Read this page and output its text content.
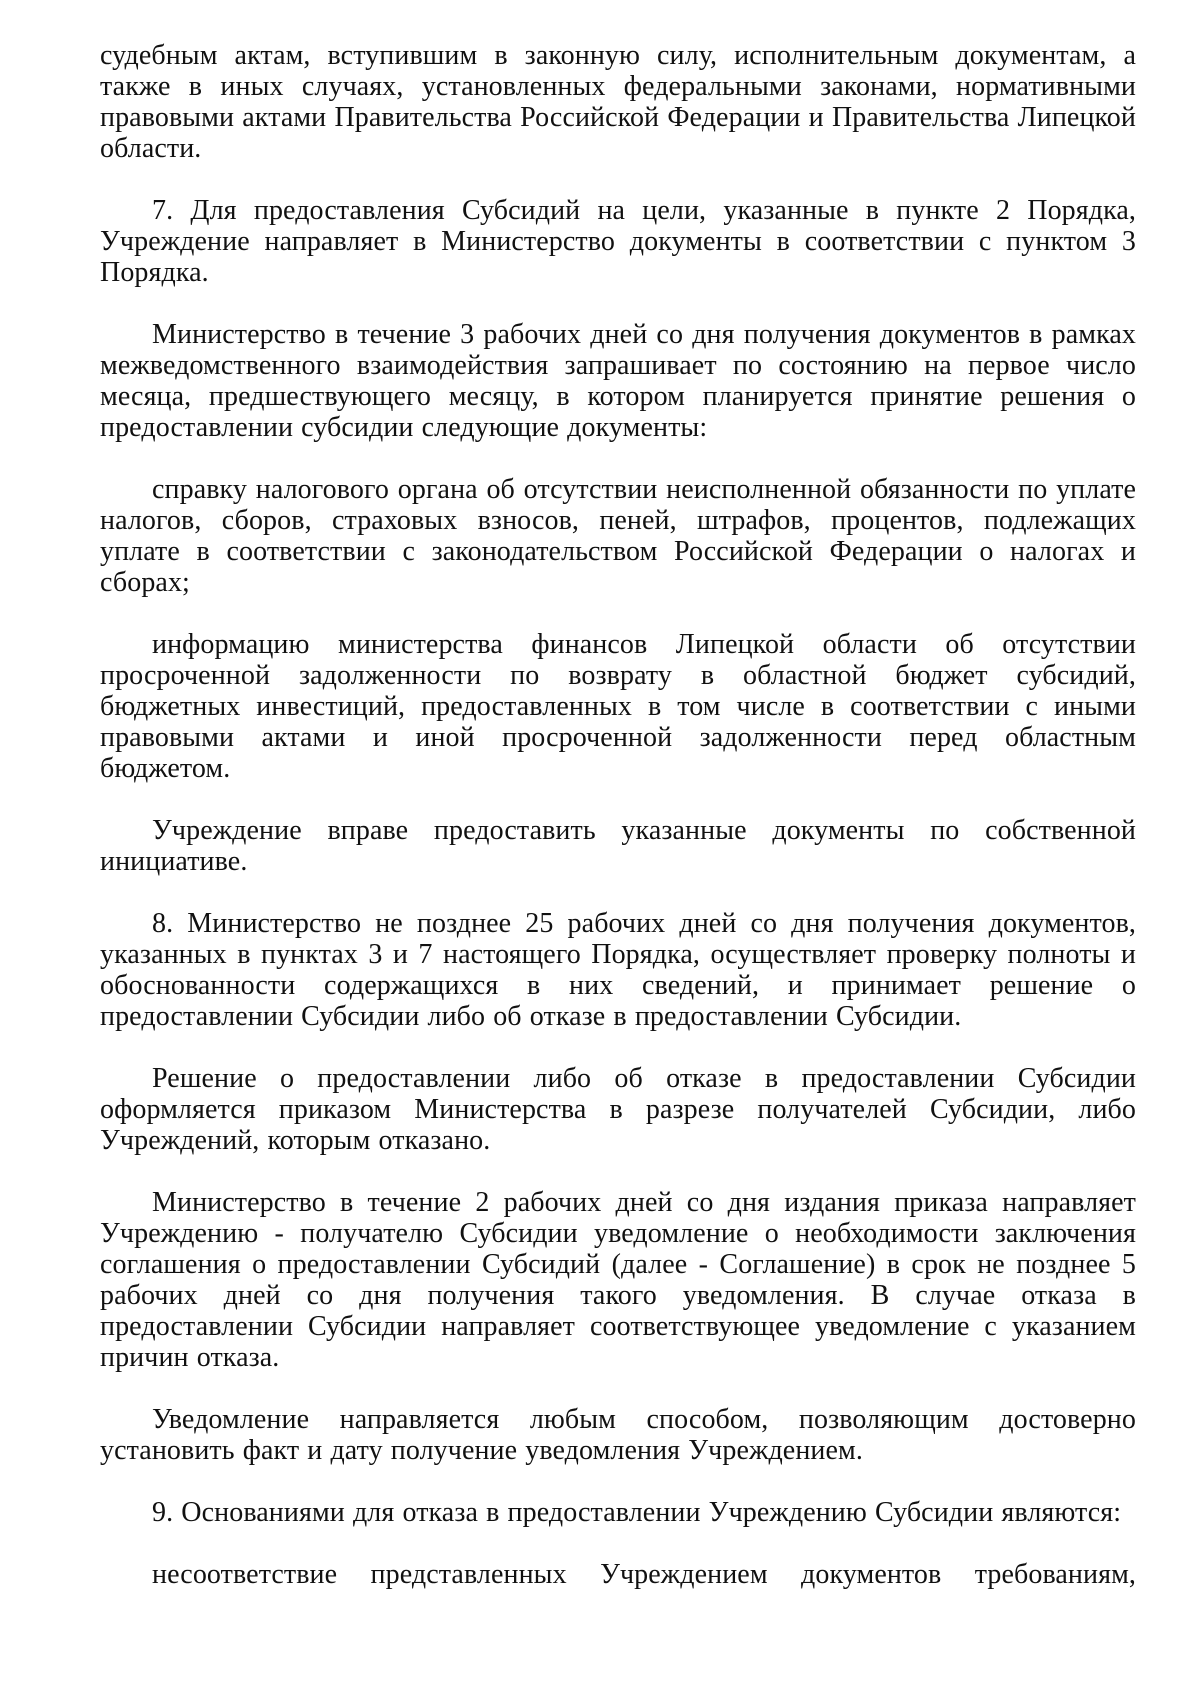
судебным актам, вступившим в законную силу, исполнительным документам, а также в иных случаях, установленных федеральными законами, нормативными правовыми актами Правительства Российской Федерации и Правительства Липецкой области.

7. Для предоставления Субсидий на цели, указанные в пункте 2 Порядка, Учреждение направляет в Министерство документы в соответствии с пунктом 3 Порядка.

Министерство в течение 3 рабочих дней со дня получения документов в рамках межведомственного взаимодействия запрашивает по состоянию на первое число месяца, предшествующего месяцу, в котором планируется принятие решения о предоставлении субсидии следующие документы:

справку налогового органа об отсутствии неисполненной обязанности по уплате налогов, сборов, страховых взносов, пеней, штрафов, процентов, подлежащих уплате в соответствии с законодательством Российской Федерации о налогах и сборах;

информацию министерства финансов Липецкой области об отсутствии просроченной задолженности по возврату в областной бюджет субсидий, бюджетных инвестиций, предоставленных в том числе в соответствии с иными правовыми актами и иной просроченной задолженности перед областным бюджетом.

Учреждение вправе предоставить указанные документы по собственной инициативе.

8. Министерство не позднее 25 рабочих дней со дня получения документов, указанных в пунктах 3 и 7 настоящего Порядка, осуществляет проверку полноты и обоснованности содержащихся в них сведений, и принимает решение о предоставлении Субсидии либо об отказе в предоставлении Субсидии.

Решение о предоставлении либо об отказе в предоставлении Субсидии оформляется приказом Министерства в разрезе получателей Субсидии, либо Учреждений, которым отказано.

Министерство в течение 2 рабочих дней со дня издания приказа направляет Учреждению - получателю Субсидии уведомление о необходимости заключения соглашения о предоставлении Субсидий (далее - Соглашение) в срок не позднее 5 рабочих дней со дня получения такого уведомления. В случае отказа в предоставлении Субсидии направляет соответствующее уведомление с указанием причин отказа.

Уведомление направляется любым способом, позволяющим достоверно установить факт и дату получение уведомления Учреждением.

9. Основаниями для отказа в предоставлении Учреждению Субсидии являются:

несоответствие представленных Учреждением документов требованиям,
